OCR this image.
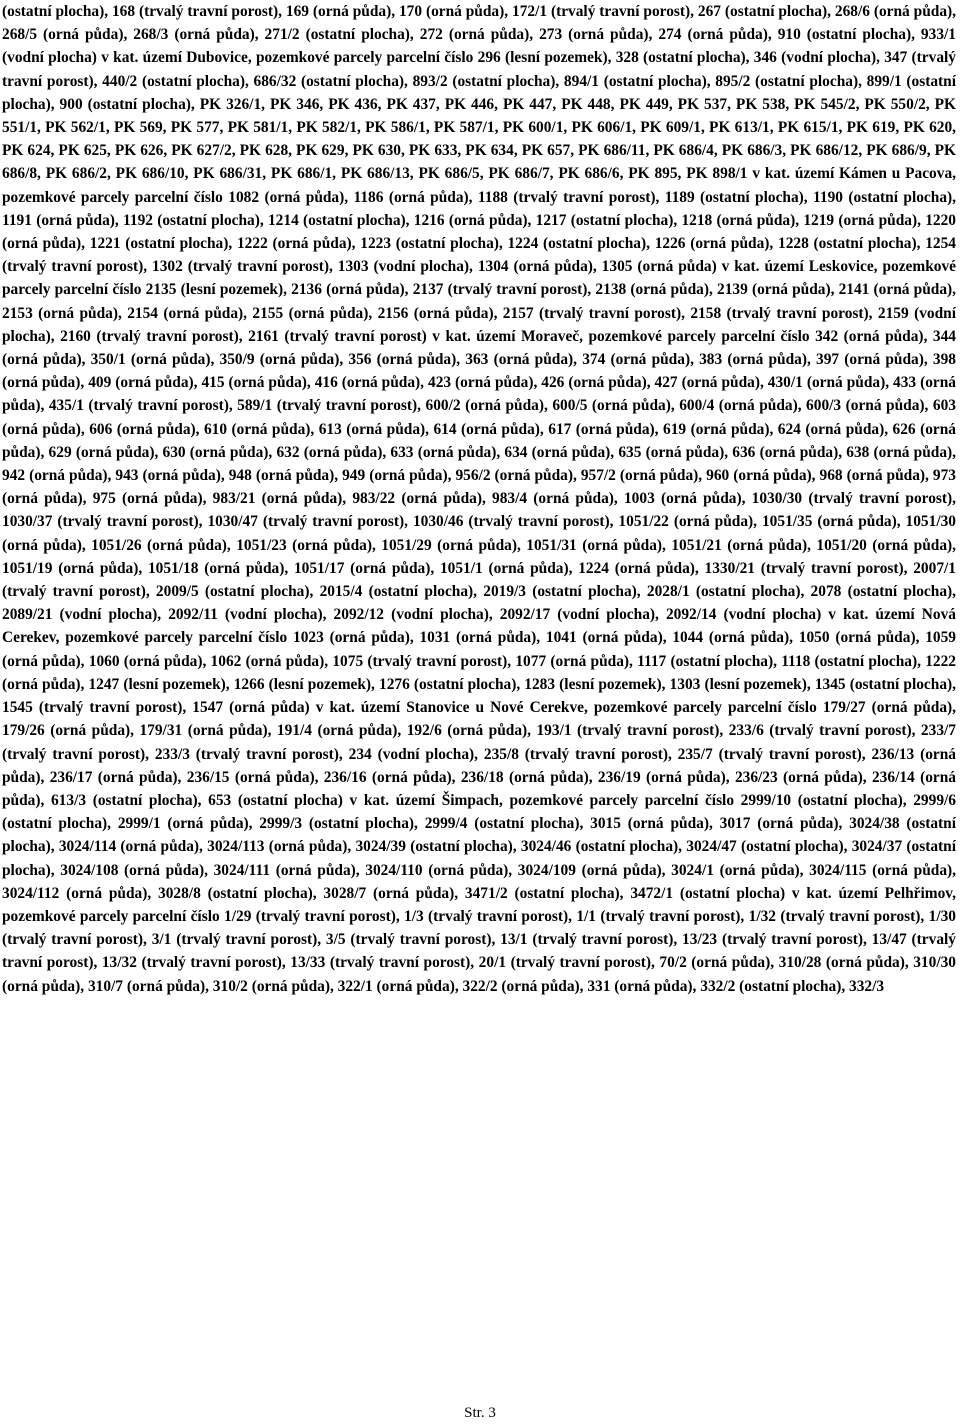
(ostatní plocha), 168 (trvalý travní porost), 169 (orná půda), 170 (orná půda), 172/1 (trvalý travní porost), 267 (ostatní plocha), 268/6 (orná půda), 268/5 (orná půda), 268/3 (orná půda), 271/2 (ostatní plocha), 272 (orná půda), 273 (orná půda), 274 (orná půda), 910 (ostatní plocha), 933/1 (vodní plocha) v kat. území Dubovice, pozemkové parcely parcelní číslo 296 (lesní pozemek), 328 (ostatní plocha), 346 (vodní plocha), 347 (trvalý travní porost), 440/2 (ostatní plocha), 686/32 (ostatní plocha), 893/2 (ostatní plocha), 894/1 (ostatní plocha), 895/2 (ostatní plocha), 899/1 (ostatní plocha), 900 (ostatní plocha), PK 326/1, PK 346, PK 436, PK 437, PK 446, PK 447, PK 448, PK 449, PK 537, PK 538, PK 545/2, PK 550/2, PK 551/1, PK 562/1, PK 569, PK 577, PK 581/1, PK 582/1, PK 586/1, PK 587/1, PK 600/1, PK 606/1, PK 609/1, PK 613/1, PK 615/1, PK 619, PK 620, PK 624, PK 625, PK 626, PK 627/2, PK 628, PK 629, PK 630, PK 633, PK 634, PK 657, PK 686/11, PK 686/4, PK 686/3, PK 686/12, PK 686/9, PK 686/8, PK 686/2, PK 686/10, PK 686/31, PK 686/1, PK 686/13, PK 686/5, PK 686/7, PK 686/6, PK 895, PK 898/1 v kat. území Kámen u Pacova, pozemkové parcely parcelní číslo 1082 (orná půda), 1186 (orná půda), 1188 (trvalý travní porost), 1189 (ostatní plocha), 1190 (ostatní plocha), 1191 (orná půda), 1192 (ostatní plocha), 1214 (ostatní plocha), 1216 (orná půda), 1217 (ostatní plocha), 1218 (orná půda), 1219 (orná půda), 1220 (orná půda), 1221 (ostatní plocha), 1222 (orná půda), 1223 (ostatní plocha), 1224 (ostatní plocha), 1226 (orná půda), 1228 (ostatní plocha), 1254 (trvalý travní porost), 1302 (trvalý travní porost), 1303 (vodní plocha), 1304 (orná půda), 1305 (orná půda) v kat. území Leskovice, pozemkové parcely parcelní číslo 2135 (lesní pozemek), 2136 (orná půda), 2137 (trvalý travní porost), 2138 (orná půda), 2139 (orná půda), 2141 (orná půda), 2153 (orná půda), 2154 (orná půda), 2155 (orná půda), 2156 (orná půda), 2157 (trvalý travní porost), 2158 (trvalý travní porost), 2159 (vodní plocha), 2160 (trvalý travní porost), 2161 (trvalý travní porost) v kat. území Moraveč, pozemkové parcely parcelní číslo 342 (orná půda), 344 (orná půda), 350/1 (orná půda), 350/9 (orná půda), 356 (orná půda), 363 (orná půda), 374 (orná půda), 383 (orná půda), 397 (orná půda), 398 (orná půda), 409 (orná půda), 415 (orná půda), 416 (orná půda), 423 (orná půda), 426 (orná půda), 427 (orná půda), 430/1 (orná půda), 433 (orná půda), 435/1 (trvalý travní porost), 589/1 (trvalý travní porost), 600/2 (orná půda), 600/5 (orná půda), 600/4 (orná půda), 600/3 (orná půda), 603 (orná půda), 606 (orná půda), 610 (orná půda), 613 (orná půda), 614 (orná půda), 617 (orná půda), 619 (orná půda), 624 (orná půda), 626 (orná půda), 629 (orná půda), 630 (orná půda), 632 (orná půda), 633 (orná půda), 634 (orná půda), 635 (orná půda), 636 (orná půda), 638 (orná půda), 942 (orná půda), 943 (orná půda), 948 (orná půda), 949 (orná půda), 956/2 (orná půda), 957/2 (orná půda), 960 (orná půda), 968 (orná půda), 973 (orná půda), 975 (orná půda), 983/21 (orná půda), 983/22 (orná půda), 983/4 (orná půda), 1003 (orná půda), 1030/30 (trvalý travní porost), 1030/37 (trvalý travní porost), 1030/47 (trvalý travní porost), 1030/46 (trvalý travní porost), 1051/22 (orná půda), 1051/35 (orná půda), 1051/30 (orná půda), 1051/26 (orná půda), 1051/23 (orná půda), 1051/29 (orná půda), 1051/31 (orná půda), 1051/21 (orná půda), 1051/20 (orná půda), 1051/19 (orná půda), 1051/18 (orná půda), 1051/17 (orná půda), 1051/1 (orná půda), 1224 (orná půda), 1330/21 (trvalý travní porost), 2007/1 (trvalý travní porost), 2009/5 (ostatní plocha), 2015/4 (ostatní plocha), 2019/3 (ostatní plocha), 2028/1 (ostatní plocha), 2078 (ostatní plocha), 2089/21 (vodní plocha), 2092/11 (vodní plocha), 2092/12 (vodní plocha), 2092/17 (vodní plocha), 2092/14 (vodní plocha) v kat. území Nová Cerekev, pozemkové parcely parcelní číslo 1023 (orná půda), 1031 (orná půda), 1041 (orná půda), 1044 (orná půda), 1050 (orná půda), 1059 (orná půda), 1060 (orná půda), 1062 (orná půda), 1075 (trvalý travní porost), 1077 (orná půda), 1117 (ostatní plocha), 1118 (ostatní plocha), 1222 (orná půda), 1247 (lesní pozemek), 1266 (lesní pozemek), 1276 (ostatní plocha), 1283 (lesní pozemek), 1303 (lesní pozemek), 1345 (ostatní plocha), 1545 (trvalý travní porost), 1547 (orná půda) v kat. území Stanovice u Nové Cerekve, pozemkové parcely parcelní číslo 179/27 (orná půda), 179/26 (orná půda), 179/31 (orná půda), 191/4 (orná půda), 192/6 (orná půda), 193/1 (trvalý travní porost), 233/6 (trvalý travní porost), 233/7 (trvalý travní porost), 233/3 (trvalý travní porost), 234 (vodní plocha), 235/8 (trvalý travní porost), 235/7 (trvalý travní porost), 236/13 (orná půda), 236/17 (orná půda), 236/15 (orná půda), 236/16 (orná půda), 236/18 (orná půda), 236/19 (orná půda), 236/23 (orná půda), 236/14 (orná půda), 613/3 (ostatní plocha), 653 (ostatní plocha) v kat. území Šimpach, pozemkové parcely parcelní číslo 2999/10 (ostatní plocha), 2999/6 (ostatní plocha), 2999/1 (orná půda), 2999/3 (ostatní plocha), 2999/4 (ostatní plocha), 3015 (orná půda), 3017 (orná půda), 3024/38 (ostatní plocha), 3024/114 (orná půda), 3024/113 (orná půda), 3024/39 (ostatní plocha), 3024/46 (ostatní plocha), 3024/47 (ostatní plocha), 3024/37 (ostatní plocha), 3024/108 (orná půda), 3024/111 (orná půda), 3024/110 (orná půda), 3024/109 (orná půda), 3024/1 (orná půda), 3024/115 (orná půda), 3024/112 (orná půda), 3028/8 (ostatní plocha), 3028/7 (orná půda), 3471/2 (ostatní plocha), 3472/1 (ostatní plocha) v kat. území Pelhřimov, pozemkové parcely parcelní číslo 1/29 (trvalý travní porost), 1/3 (trvalý travní porost), 1/1 (trvalý travní porost), 1/32 (trvalý travní porost), 1/30 (trvalý travní porost), 3/1 (trvalý travní porost), 3/5 (trvalý travní porost), 13/1 (trvalý travní porost), 13/23 (trvalý travní porost), 13/47 (trvalý travní porost), 13/32 (trvalý travní porost), 13/33 (trvalý travní porost), 20/1 (trvalý travní porost), 70/2 (orná půda), 310/28 (orná půda), 310/30 (orná půda), 310/7 (orná půda), 310/2 (orná půda), 322/1 (orná půda), 322/2 (orná půda), 331 (orná půda), 332/2 (ostatní plocha), 332/3

Str. 3
